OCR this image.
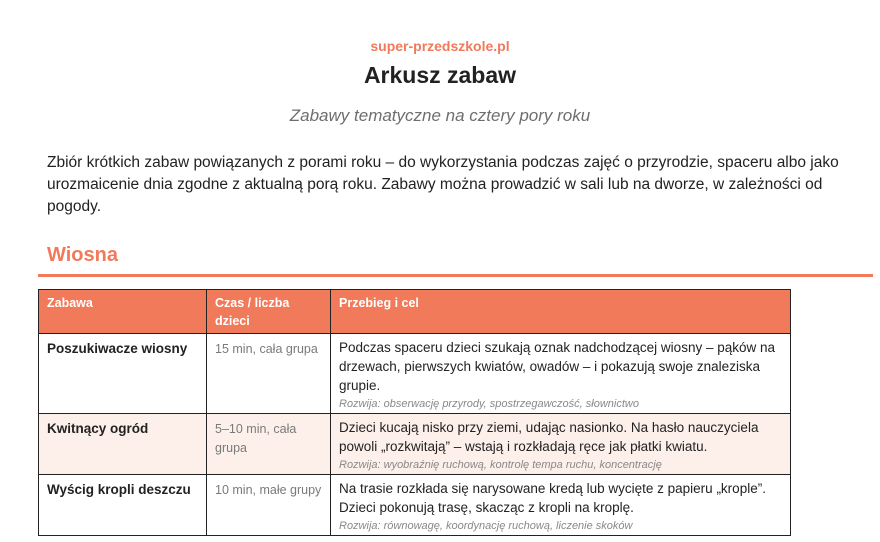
super-przedszkole.pl
Arkusz zabaw
Zabawy tematyczne na cztery pory roku
Zbiór krótkich zabaw powiązanych z porami roku – do wykorzystania podczas zajęć o przyrodzie, spaceru albo jako urozmaicenie dnia zgodne z aktualną porą roku. Zabawy można prowadzić w sali lub na dworze, w zależności od pogody.
Wiosna
Zabawa	Czas / liczba dzieci	Przebieg i cel
Poszukiwacze wiosny	15 min, cała grupa	Podczas spaceru dzieci szukają oznak nadchodzącej wiosny – pąków na drzewach, pierwszych kwiatów, owadów – i pokazują swoje znaleziska grupie.
Rozwija: obserwację przyrody, spostrzegawczość, słownictwo

Kwitnący ogród	5–10 min, cała grupa	Dzieci kucają nisko przy ziemi, udając nasionko. Na hasło nauczyciela powoli „rozkwitają” – wstają i rozkładają ręce jak płatki kwiatu.
Rozwija: wyobraźnię ruchową, kontrolę tempa ruchu, koncentrację

Wyścig kropli deszczu	10 min, małe grupy	Na trasie rozkłada się narysowane kredą lub wycięte z papieru „krople”. Dzieci pokonują trasę, skacząc z kropli na kroplę.
Rozwija: równowagę, koordynację ruchową, liczenie skoków
